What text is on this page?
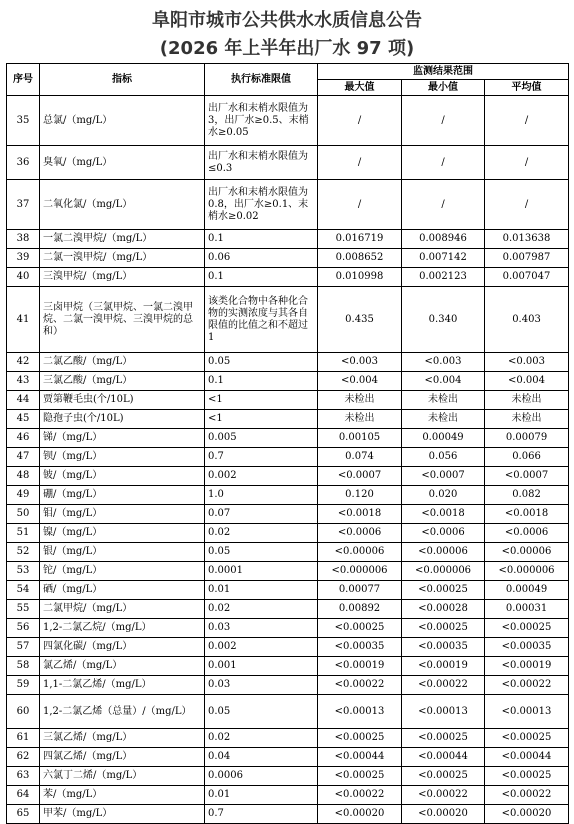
阜阳市城市公共供水水质信息公告
(2026 年上半年出厂水 97 项)
序号	指标	执行标准限值	监测结果范围		
			最大值	最小值	平均值
35	总氯/（mg/L）	出厂水和末梢水限值为 3，出厂水≥0.5、末梢水≥0.05	/	/	/
36	臭氧/（mg/L）	出厂水和末梢水限值为≤0.3	/	/	/
37	二氧化氯/（mg/L）	出厂水和末梢水限值为 0.8，出厂水≥0.1、末梢水≥0.02	/	/	/
38	一氯二溴甲烷/（mg/L）	0.1	0.016719	0.008946	0.013638
39	二氯一溴甲烷/（mg/L）	0.06	0.008652	0.007142	0.007987
40	三溴甲烷/（mg/L）	0.1	0.010998	0.002123	0.007047
41	三卤甲烷（三氯甲烷、一氯二溴甲烷、二氯一溴甲烷、三溴甲烷的总和）	该类化合物中各种化合物的实测浓度与其各自限值的比值之和不超过 1	0.435	0.340	0.403
42	二氯乙酸/（mg/L）	0.05	<0.003	<0.003	<0.003
43	三氯乙酸/（mg/L）	0.1	<0.004	<0.004	<0.004
44	贾第鞭毛虫(个/10L)	<1	未检出	未检出	未检出
45	隐孢子虫(个/10L)	<1	未检出	未检出	未检出
46	锑/（mg/L）	0.005	0.00105	0.00049	0.00079
47	钡/（mg/L）	0.7	0.074	0.056	0.066
48	铍/（mg/L）	0.002	<0.0007	<0.0007	<0.0007
49	硼/（mg/L）	1.0	0.120	0.020	0.082
50	钼/（mg/L）	0.07	<0.0018	<0.0018	<0.0018
51	镍/（mg/L）	0.02	<0.0006	<0.0006	<0.0006
52	银/（mg/L）	0.05	<0.00006	<0.00006	<0.00006
53	铊/（mg/L）	0.0001	<0.000006	<0.000006	<0.000006
54	硒/（mg/L）	0.01	0.00077	<0.00025	0.00049
55	二氯甲烷/（mg/L）	0.02	0.00892	<0.00028	0.00031
56	1,2-二氯乙烷/（mg/L）	0.03	<0.00025	<0.00025	<0.00025
57	四氯化碳/（mg/L）	0.002	<0.00035	<0.00035	<0.00035
58	氯乙烯/（mg/L）	0.001	<0.00019	<0.00019	<0.00019
59	1,1-二氯乙烯/（mg/L）	0.03	<0.00022	<0.00022	<0.00022
60	1,2-二氯乙烯（总量）/（mg/L）	0.05	<0.00013	<0.00013	<0.00013
61	三氯乙烯/（mg/L）	0.02	<0.00025	<0.00025	<0.00025
62	四氯乙烯/（mg/L）	0.04	<0.00044	<0.00044	<0.00044
63	六氯丁二烯/（mg/L）	0.0006	<0.00025	<0.00025	<0.00025
64	苯/（mg/L）	0.01	<0.00022	<0.00022	<0.00022
65	甲苯/（mg/L）	0.7	<0.00020	<0.00020	<0.00020
